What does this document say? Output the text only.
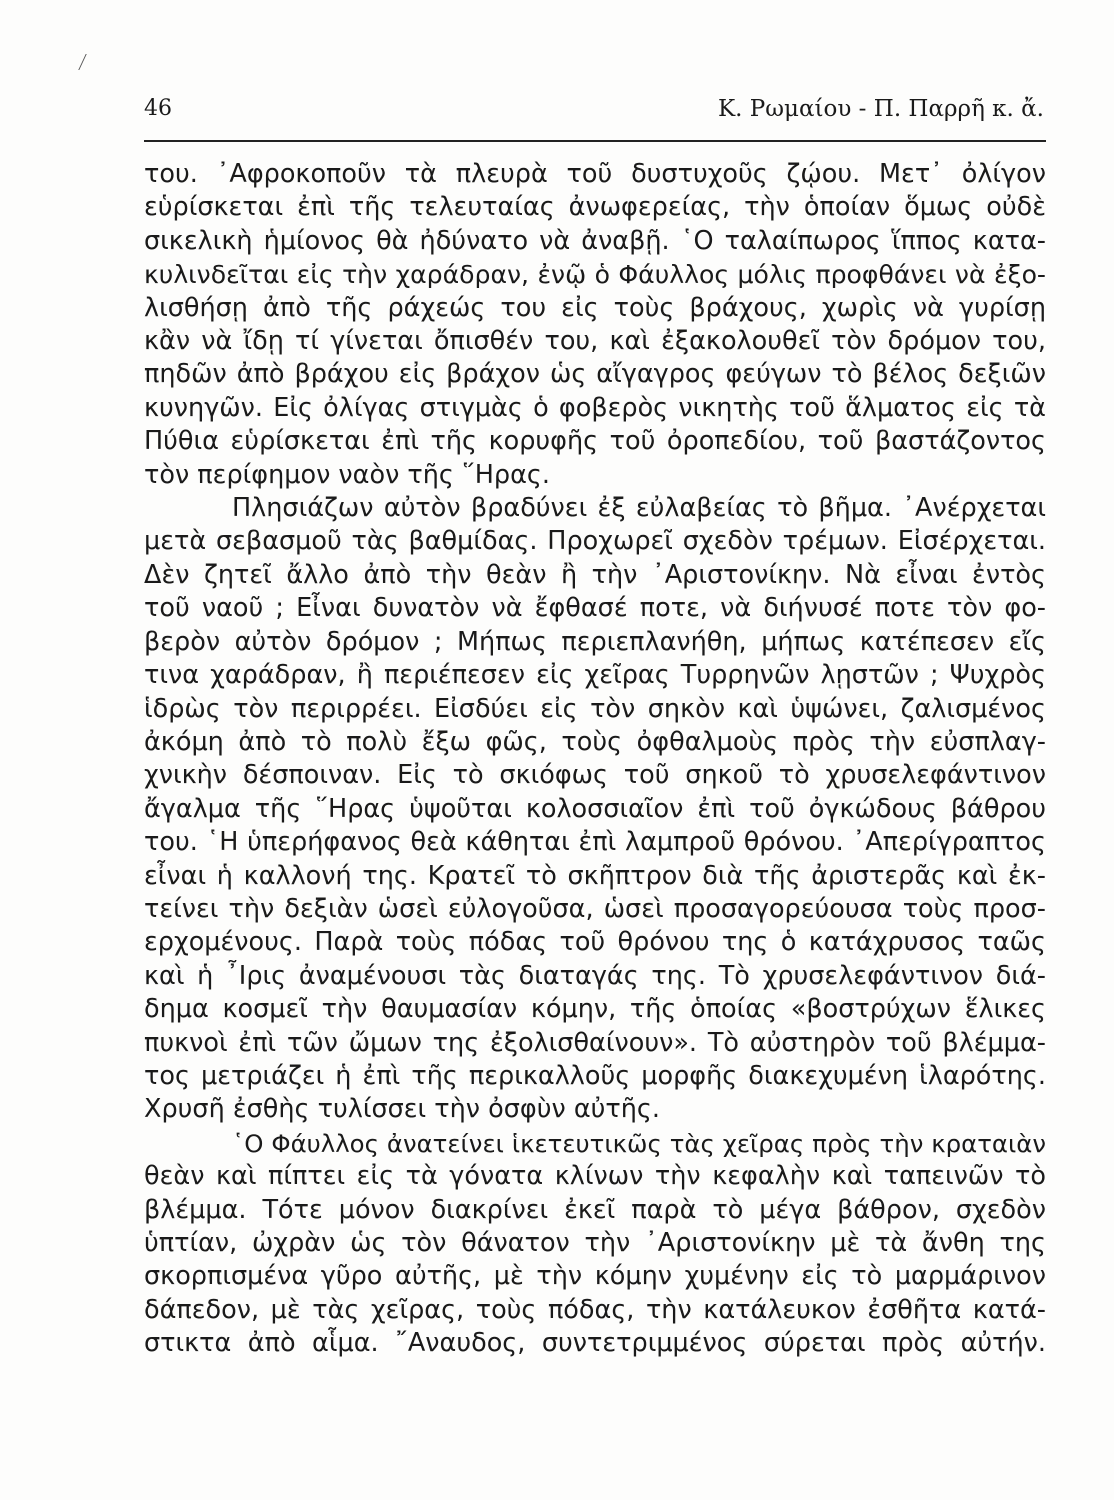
46	Κ. Ρωμαίου - Π. Παρρῆ κ. ἄ.
του. ᾿Αφροκοποῦν τὰ πλευρὰ τοῦ δυστυχοῦς ζῴου. Μετ᾿ ὀλίγον
εὑρίσκεται ἐπὶ τῆς τελευταίας ἀνωφερείας, τὴν ὁποίαν ὅμως οὐδὲ
σικελικὴ ἡμίονος θὰ ἠδύνατο νὰ ἀναβῇ. ῾Ο ταλαίπωρος ἵππος κατα-
κυλινδεῖται εἰς τὴν χαράδραν, ἐνῷ ὁ Φάυλλος μόλις προφθάνει νὰ ἐξο-
λισθήσῃ ἀπὸ τῆς ράχεώς του εἰς τοὺς βράχους, χωρὶς νὰ γυρίσῃ
κἂν νὰ ἴδῃ τί γίνεται ὄπισθέν του, καὶ ἐξακολουθεῖ τὸν δρόμον του,
πηδῶν ἀπὸ βράχου εἰς βράχον ὡς αἴγαγρος φεύγων τὸ βέλος δεξιῶν
κυνηγῶν. Εἰς ὀλίγας στιγμὰς ὁ φοβερὸς νικητὴς τοῦ ἅλματος εἰς τὰ
Πύθια εὑρίσκεται ἐπὶ τῆς κορυφῆς τοῦ ὀροπεδίου, τοῦ βαστάζοντος
τὸν περίφημον ναὸν τῆς ῞Ηρας.
Πλησιάζων αὐτὸν βραδύνει ἐξ εὐλαβείας τὸ βῆμα. ᾿Ανέρχεται
μετὰ σεβασμοῦ τὰς βαθμίδας. Προχωρεῖ σχεδὸν τρέμων. Εἰσέρχεται.
Δὲν ζητεῖ ἄλλο ἀπὸ τὴν θεὰν ἢ τὴν ᾿Αριστονίκην. Νὰ εἶναι ἐντὸς
τοῦ ναοῦ ; Εἶναι δυνατὸν νὰ ἔφθασέ ποτε, νὰ διήνυσέ ποτε τὸν φο-
βερὸν αὐτὸν δρόμον ; Μήπως περιεπλανήθη, μήπως κατέπεσεν εἴς
τινα χαράδραν, ἢ περιέπεσεν εἰς χεῖρας Τυρρηνῶν λῃστῶν ; Ψυχρὸς
ἱδρὼς τὸν περιρρέει. Εἰσδύει εἰς τὸν σηκὸν καὶ ὑψώνει, ζαλισμένος
ἀκόμη ἀπὸ τὸ πολὺ ἔξω φῶς, τοὺς ὀφθαλμοὺς πρὸς τὴν εὐσπλαγ-
χνικὴν δέσποιναν. Εἰς τὸ σκιόφως τοῦ σηκοῦ τὸ χρυσελεφάντινον
ἄγαλμα τῆς ῞Ηρας ὑψοῦται κολοσσιαῖον ἐπὶ τοῦ ὀγκώδους βάθρου
του. ῾Η ὑπερήφανος θεὰ κάθηται ἐπὶ λαμπροῦ θρόνου. ᾿Απερίγραπτος
εἶναι ἡ καλλονή της. Κρατεῖ τὸ σκῆπτρον διὰ τῆς ἀριστερᾶς καὶ ἐκ-
τείνει τὴν δεξιὰν ὡσεὶ εὐλογοῦσα, ὡσεὶ προσαγορεύουσα τοὺς προσ-
ερχομένους. Παρὰ τοὺς πόδας τοῦ θρόνου της ὁ κατάχρυσος ταῶς
καὶ ἡ ῏Ιρις ἀναμένουσι τὰς διαταγάς της. Τὸ χρυσελεφάντινον διά-
δημα κοσμεῖ τὴν θαυμασίαν κόμην, τῆς ὁποίας «βοστρύχων ἕλικες
πυκνοὶ ἐπὶ τῶν ὤμων της ἐξολισθαίνουν». Τὸ αὐστηρὸν τοῦ βλέμμα-
τος μετριάζει ἡ ἐπὶ τῆς περικαλλοῦς μορφῆς διακεχυμένη ἱλαρότης.
Χρυσῆ ἐσθὴς τυλίσσει τὴν ὀσφὺν αὐτῆς.
῾Ο Φάυλλος ἀνατείνει ἱκετευτικῶς τὰς χεῖρας πρὸς τὴν κραταιὰν
θεὰν καὶ πίπτει εἰς τὰ γόνατα κλίνων τὴν κεφαλὴν καὶ ταπεινῶν τὸ
βλέμμα. Τότε μόνον διακρίνει ἐκεῖ παρὰ τὸ μέγα βάθρον, σχεδὸν
ὑπτίαν, ὠχρὰν ὡς τὸν θάνατον τὴν ᾿Αριστονίκην μὲ τὰ ἄνθη της
σκορπισμένα γῦρο αὐτῆς, μὲ τὴν κόμην χυμένην εἰς τὸ μαρμάρινον
δάπεδον, μὲ τὰς χεῖρας, τοὺς πόδας, τὴν κατάλευκον ἐσθῆτα κατά-
στικτα ἀπὸ αἷμα. ῎Αναυδος, συντετριμμένος σύρεται πρὸς αὐτήν.
